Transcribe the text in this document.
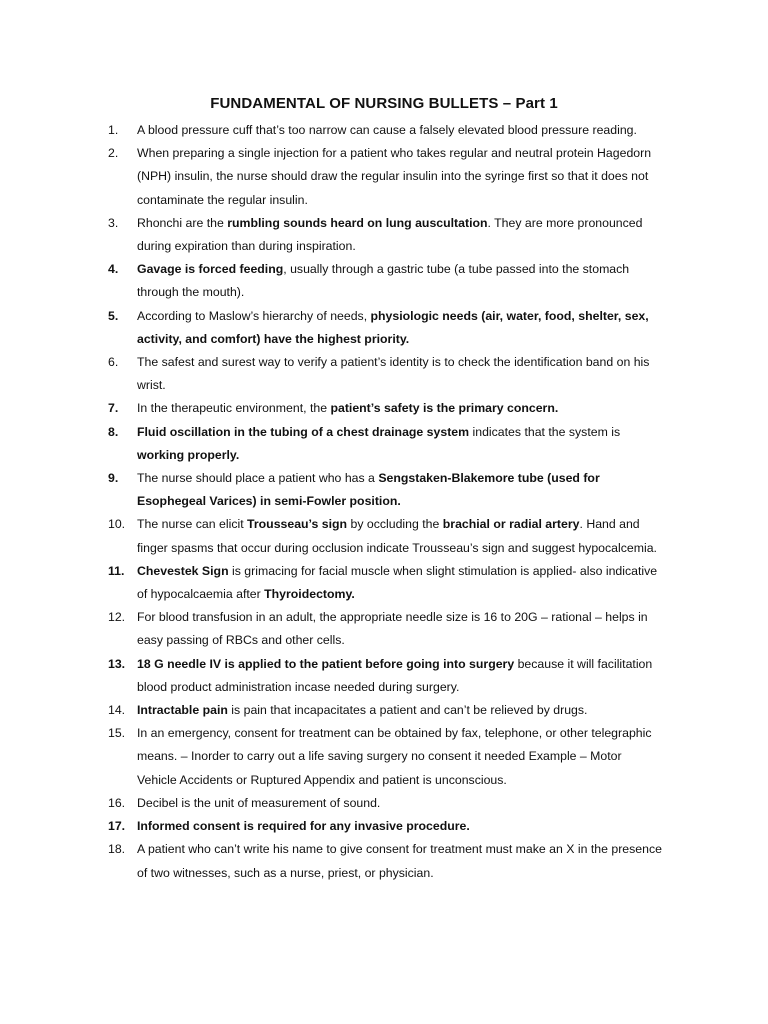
FUNDAMENTAL OF NURSING BULLETS – Part 1
1.	A blood pressure cuff that’s too narrow can cause a falsely elevated blood pressure reading.
2.	When preparing a single injection for a patient who takes regular and neutral protein Hagedorn (NPH) insulin, the nurse should draw the regular insulin into the syringe first so that it does not contaminate the regular insulin.
3.	Rhonchi are the rumbling sounds heard on lung auscultation. They are more pronounced during expiration than during inspiration.
4.	Gavage is forced feeding, usually through a gastric tube (a tube passed into the stomach through the mouth).
5.	According to Maslow’s hierarchy of needs, physiologic needs (air, water, food, shelter, sex, activity, and comfort) have the highest priority.
6.	The safest and surest way to verify a patient’s identity is to check the identification band on his wrist.
7.	In the therapeutic environment, the patient’s safety is the primary concern.
8.	Fluid oscillation in the tubing of a chest drainage system indicates that the system is working properly.
9.	The nurse should place a patient who has a Sengstaken-Blakemore tube (used for Esophegeal Varices) in semi-Fowler position.
10. The nurse can elicit Trousseau’s sign by occluding the brachial or radial artery. Hand and finger spasms that occur during occlusion indicate Trousseau’s sign and suggest hypocalcemia.
11.	Chevestek Sign is grimacing for facial muscle when slight stimulation is applied- also indicative of hypocalcaemia after Thyroidectomy.
12. For blood transfusion in an adult, the appropriate needle size is 16 to 20G – rational – helps in easy passing of RBCs and other cells.
13. 18 G needle IV is applied to the patient before going into surgery because it will facilitation blood product administration incase needed during surgery.
14. Intractable pain is pain that incapacitates a patient and can’t be relieved by drugs.
15. In an emergency, consent for treatment can be obtained by fax, telephone, or other telegraphic means. – Inorder to carry out a life saving surgery no consent it needed Example – Motor Vehicle Accidents or Ruptured Appendix and patient is unconscious.
16. Decibel is the unit of measurement of sound.
17. Informed consent is required for any invasive procedure.
18. A patient who can’t write his name to give consent for treatment must make an X in the presence of two witnesses, such as a nurse, priest, or physician.
